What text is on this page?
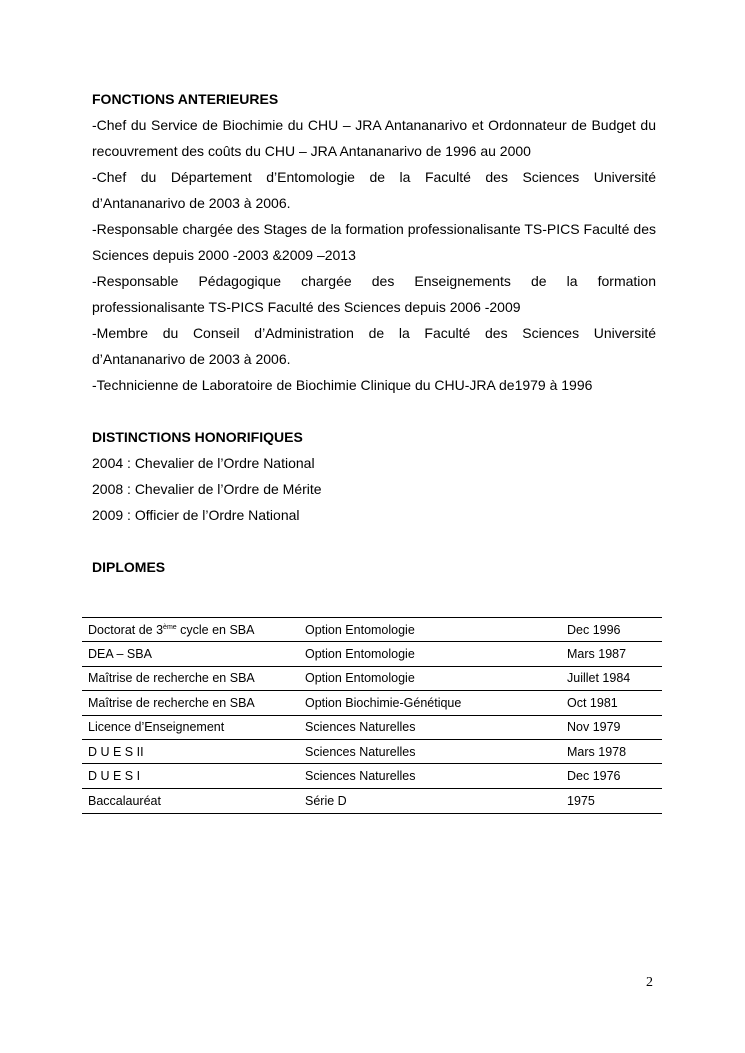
FONCTIONS ANTERIEURES
-Chef du Service de Biochimie du CHU – JRA Antananarivo et Ordonnateur de Budget du recouvrement des coûts du CHU – JRA Antananarivo de 1996 au 2000
-Chef du Département d’Entomologie de la Faculté des Sciences Université d’Antananarivo de 2003 à 2006.
-Responsable chargée des Stages de la formation professionalisante TS-PICS Faculté des Sciences depuis 2000 -2003 &2009 –2013
-Responsable Pédagogique chargée des Enseignements de la formation professionalisante TS-PICS Faculté des Sciences depuis 2006 -2009
-Membre du Conseil d’Administration de la Faculté des Sciences Université d’Antananarivo de 2003 à 2006.
-Technicienne de Laboratoire de Biochimie Clinique du CHU-JRA de1979 à 1996
DISTINCTIONS HONORIFIQUES
2004 : Chevalier de l’Ordre National
2008 : Chevalier de l’Ordre de Mérite
2009 : Officier de l’Ordre National
DIPLOMES
Doctorat de 3ème cycle en SBA	Option Entomologie	Dec 1996
DEA – SBA	Option Entomologie	Mars 1987
Maîtrise de recherche en SBA	Option Entomologie	Juillet 1984
Maîtrise de recherche en SBA	Option Biochimie-Génétique	Oct 1981
Licence d’Enseignement	Sciences Naturelles	Nov 1979
D U E S II	Sciences Naturelles	Mars 1978
D U E S I	Sciences Naturelles	Dec 1976
Baccalauréat	Série D	1975
2
